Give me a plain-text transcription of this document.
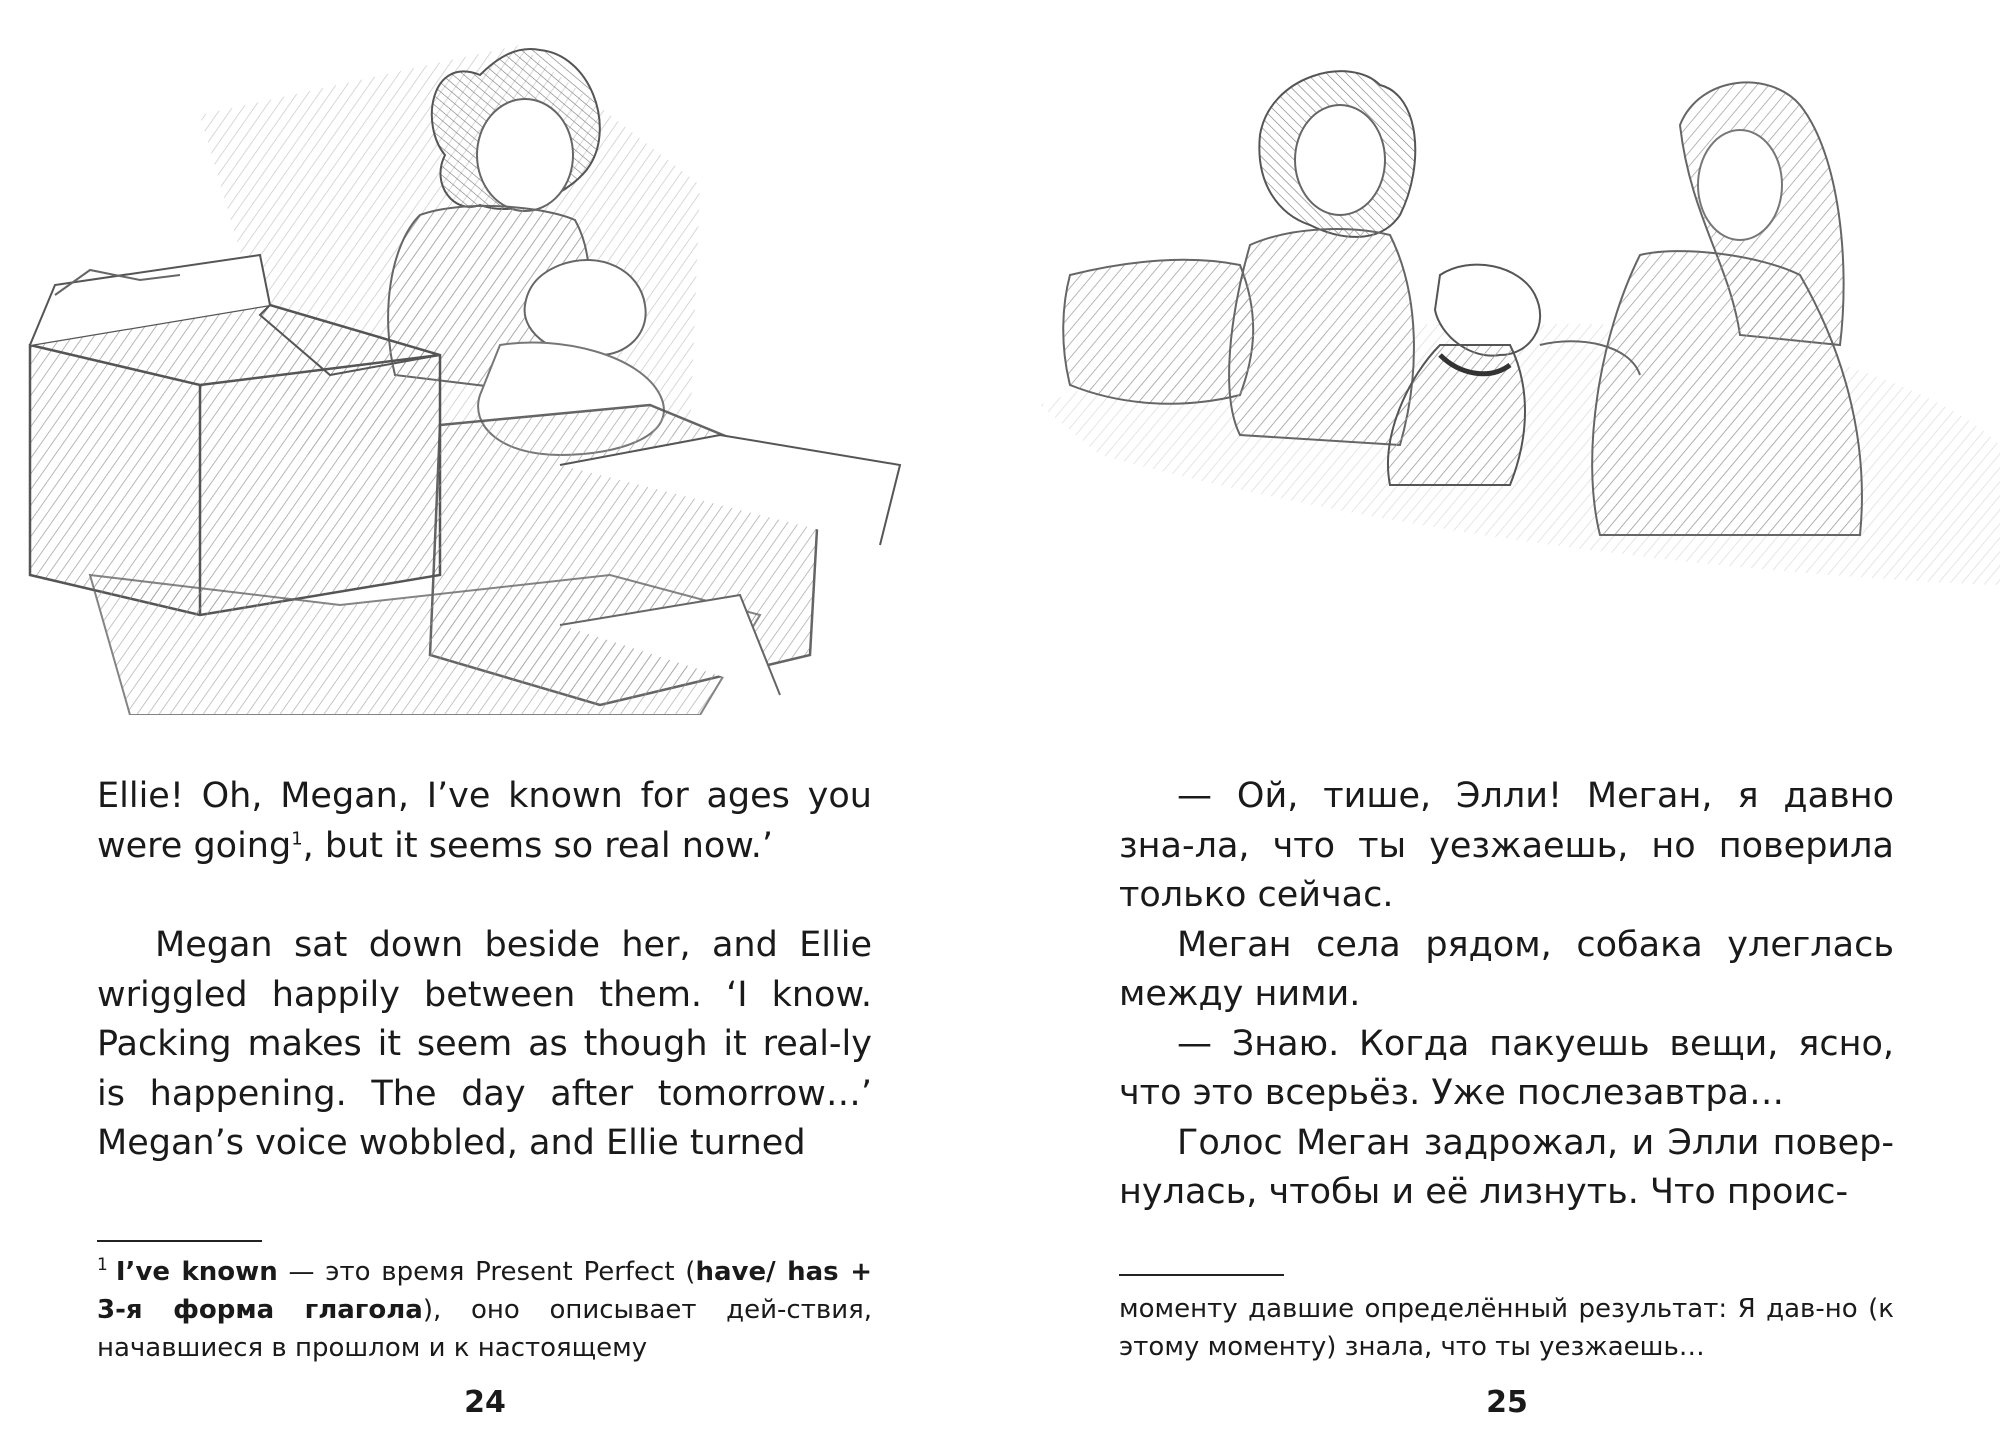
Ellie! Oh, Megan, I’ve known for ages you were going$^1$, but it seems so real now.’

Megan sat down beside her, and Ellie wriggled happily between them. ‘I know. Packing makes it seem as though it real-ly is happening. The day after tomorrow…’ Megan’s voice wobbled, and Ellie turned

$^1$ I’ve known — это время Present Perfect (have/ has + 3-я форма глагола), оно описывает дей-ствия, начавшиеся в прошлом и к настоящему

24

— Ой, тише, Элли! Меган, я давно зна-ла, что ты уезжаешь, но поверила только сейчас.

Меган села рядом, собака улеглась между ними.

— Знаю. Когда пакуешь вещи, ясно, что это всерьёз. Уже послезавтра…

Голос Меган задрожал, и Элли повер-нулась, чтобы и её лизнуть. Что проис-

моменту давшие определённый результат: Я дав-но (к этому моменту) знала, что ты уезжаешь…

25
